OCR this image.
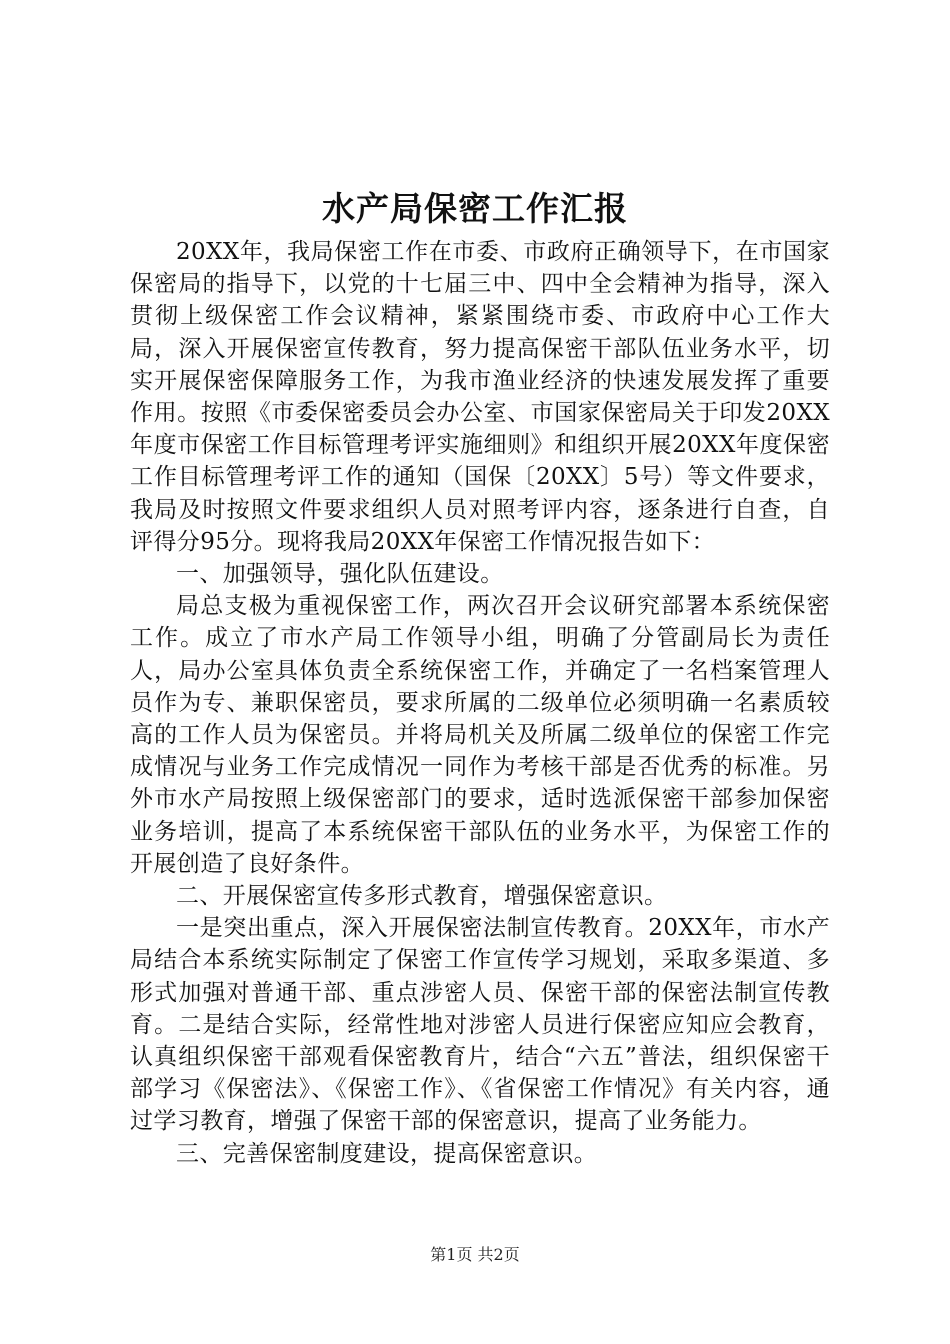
水产局保密工作汇报

20XX年，我局保密工作在市委、市政府正确领导下，在市国家保密局的指导下，以党的十七届三中、四中全会精神为指导，深入贯彻上级保密工作会议精神，紧紧围绕市委、市政府中心工作大局，深入开展保密宣传教育，努力提高保密干部队伍业务水平，切实开展保密保障服务工作，为我市渔业经济的快速发展发挥了重要作用。按照《市委保密委员会办公室、市国家保密局关于印发20XX年度市保密工作目标管理考评实施细则》和组织开展20XX年度保密工作目标管理考评工作的通知（国保〔20XX〕5号）等文件要求，我局及时按照文件要求组织人员对照考评内容，逐条进行自查，自评得分95分。现将我局20XX年保密工作情况报告如下：

一、加强领导，强化队伍建设。

局总支极为重视保密工作，两次召开会议研究部署本系统保密工作。成立了市水产局工作领导小组，明确了分管副局长为责任人，局办公室具体负责全系统保密工作，并确定了一名档案管理人员作为专、兼职保密员，要求所属的二级单位必须明确一名素质较高的工作人员为保密员。并将局机关及所属二级单位的保密工作完成情况与业务工作完成情况一同作为考核干部是否优秀的标准。另外市水产局按照上级保密部门的要求，适时选派保密干部参加保密业务培训，提高了本系统保密干部队伍的业务水平，为保密工作的开展创造了良好条件。

二、开展保密宣传多形式教育，增强保密意识。

一是突出重点，深入开展保密法制宣传教育。20XX年，市水产局结合本系统实际制定了保密工作宣传学习规划，采取多渠道、多形式加强对普通干部、重点涉密人员、保密干部的保密法制宣传教育。二是结合实际，经常性地对涉密人员进行保密应知应会教育，认真组织保密干部观看保密教育片，结合“六五”普法，组织保密干部学习《保密法》、《保密工作》、《省保密工作情况》有关内容，通过学习教育，增强了保密干部的保密意识，提高了业务能力。

三、完善保密制度建设，提高保密意识。

第1页 共2页
